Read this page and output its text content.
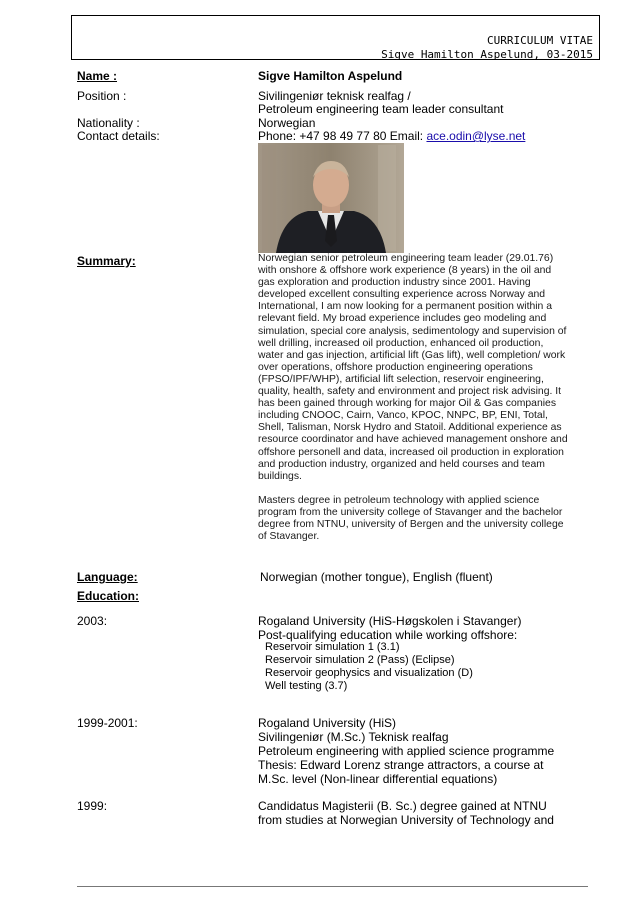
CURRICULUM VITAE
Sigve Hamilton Aspelund, 03-2015
Name :	Sigve Hamilton Aspelund
Position :	Sivilingeniør teknisk realfag /
Petroleum engineering team leader consultant
Nationality :	Norwegian
Contact details:	Phone: +47 98 49 77 80 Email: ace.odin@lyse.net
Summary:	Norwegian senior petroleum engineering team leader (29.01.76) with onshore & offshore work experience (8 years) in the oil and gas exploration and production industry since 2001. Having developed excellent consulting experience across Norway and International, I am now looking for a permanent position within a relevant field. My broad experience includes geo modeling and simulation, special core analysis, sedimentology and supervision of well drilling, increased oil production, enhanced oil production, water and gas injection, artificial lift (Gas lift), well completion/ work over operations, offshore production engineering operations (FPSO/IPF/WHP), artificial lift selection, reservoir engineering, quality, health, safety and environment and project risk advising. It has been gained through working for major Oil & Gas companies including CNOOC, Cairn, Vanco, KPOC, NNPC, BP, ENI, Total, Shell, Talisman, Norsk Hydro and Statoil. Additional experience as resource coordinator and have achieved management onshore and offshore personell and data, increased oil production in exploration and production industry, organized and held courses and team buildings.

Masters degree in petroleum technology with applied science program from the university college of Stavanger and the bachelor degree from NTNU, university of Bergen and the university college of Stavanger.

Language:	Norwegian (mother tongue), English (fluent)
Education:
2003:	Rogaland University (HiS-Høgskolen i Stavanger)
Post-qualifying education while working offshore:
Reservoir simulation 1 (3.1)
Reservoir simulation 2 (Pass) (Eclipse)
Reservoir geophysics and visualization (D)
Well testing (3.7)
1999-2001:	Rogaland University (HiS)
Sivilingeniør (M.Sc.) Teknisk realfag
Petroleum engineering with applied science programme
Thesis: Edward Lorenz strange attractors, a course at
M.Sc. level (Non-linear differential equations)
1999:	Candidatus Magisterii (B. Sc.) degree gained at NTNU
from studies at Norwegian University of Technology and
